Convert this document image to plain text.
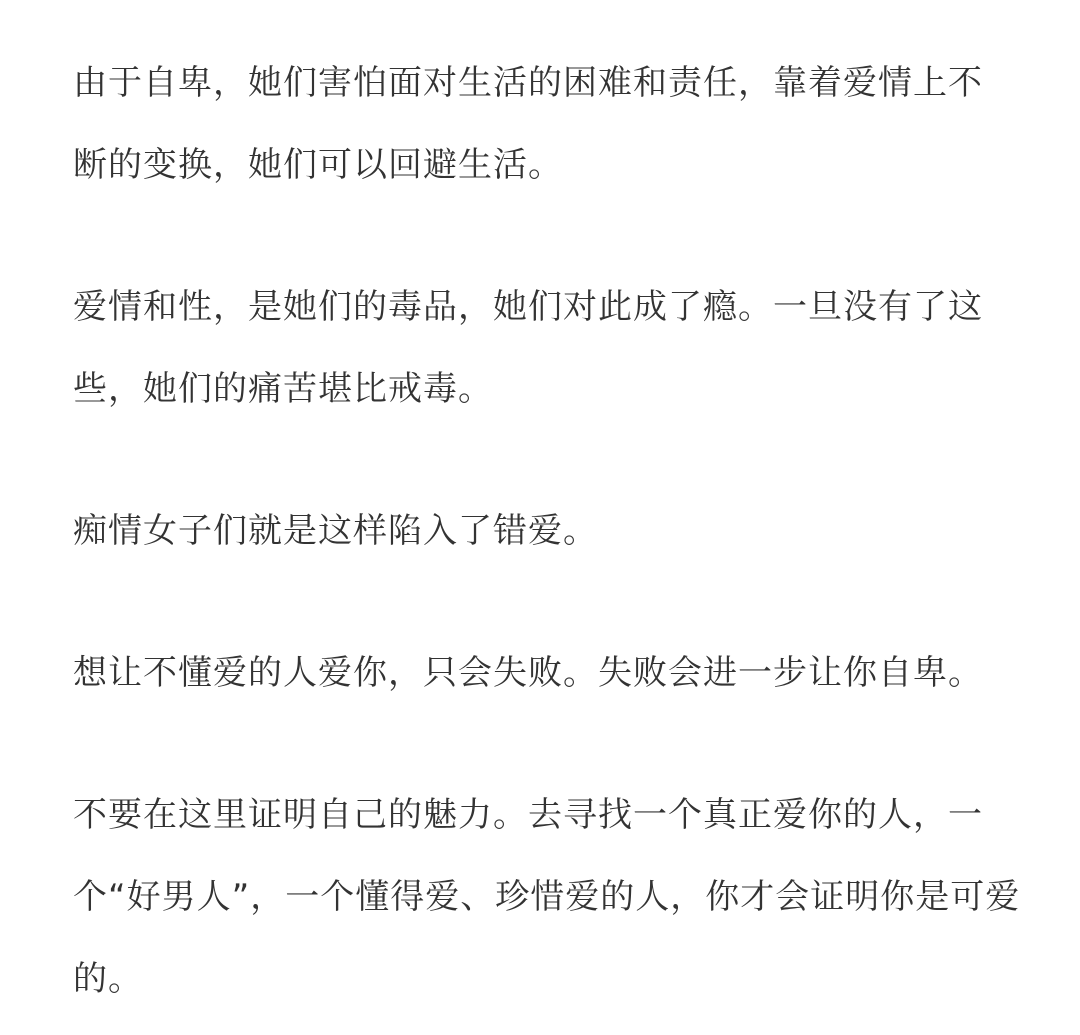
由于自卑，她们害怕面对生活的困难和责任，靠着爱情上不
断的变换，她们可以回避生活。

爱情和性，是她们的毒品，她们对此成了瘾。一旦没有了这
些，她们的痛苦堪比戒毒。

痴情女子们就是这样陷入了错爱。

想让不懂爱的人爱你，只会失败。失败会进一步让你自卑。

不要在这里证明自己的魅力。去寻找一个真正爱你的人，一
个“好男人”，一个懂得爱、珍惜爱的人，你才会证明你是可爱
的。
